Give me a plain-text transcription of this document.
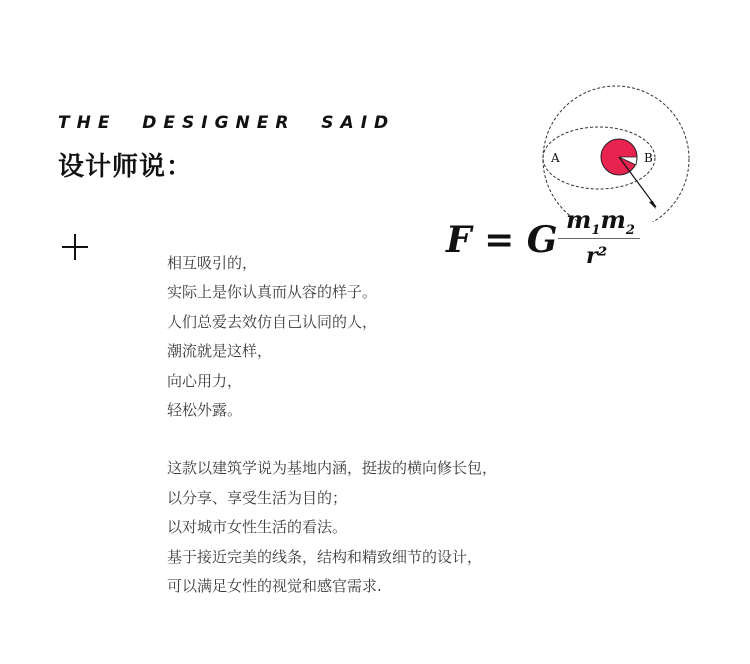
THE  DESIGNER  SAID
设计师说：	A	B
F = G $m_1m_2$
r²
相互吸引的，
实际上是你认真而从容的样子。
人们总爱去效仿自己认同的人，
潮流就是这样，
向心用力，
轻松外露。
这款以建筑学说为基地内涵，挺拔的横向修长包，
以分享、享受生活为目的；
以对城市女性生活的看法。
基于接近完美的线条，结构和精致细节的设计，
可以满足女性的视觉和感官需求.
